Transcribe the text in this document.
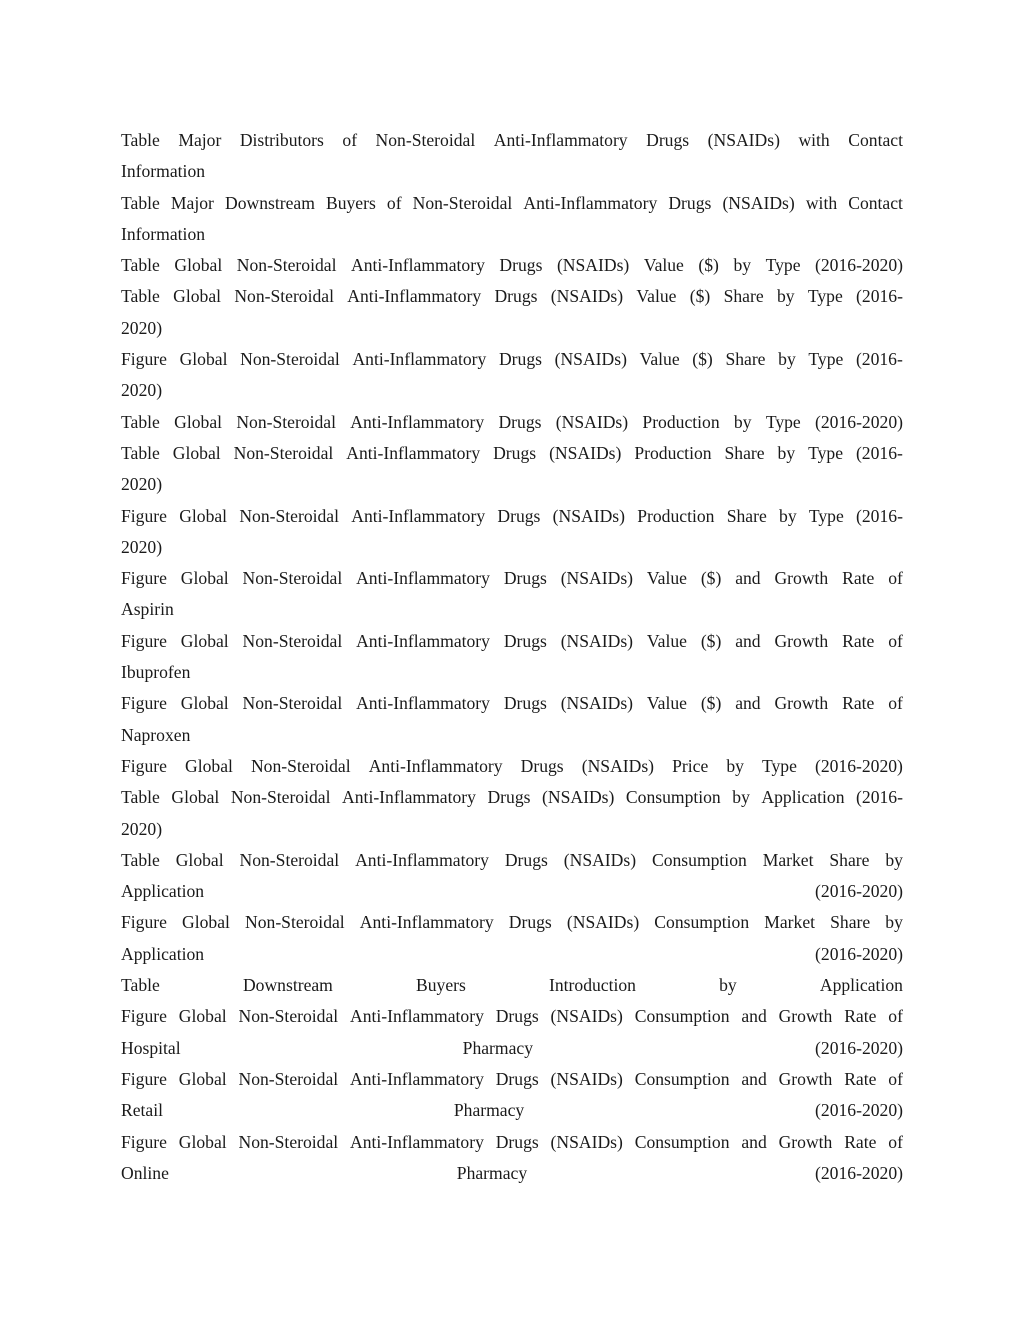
Table Major Distributors of Non-Steroidal Anti-Inflammatory Drugs (NSAIDs) with Contact
Information
Table Major Downstream Buyers of Non-Steroidal Anti-Inflammatory Drugs (NSAIDs) with Contact
Information
Table Global Non-Steroidal Anti-Inflammatory Drugs (NSAIDs) Value ($) by Type (2016-2020)
Table Global Non-Steroidal Anti-Inflammatory Drugs (NSAIDs) Value ($) Share by Type (2016-
2020)
Figure Global Non-Steroidal Anti-Inflammatory Drugs (NSAIDs) Value ($) Share by Type (2016-
2020)
Table Global Non-Steroidal Anti-Inflammatory Drugs (NSAIDs) Production by Type (2016-2020)
Table Global Non-Steroidal Anti-Inflammatory Drugs (NSAIDs) Production Share by Type (2016-
2020)
Figure Global Non-Steroidal Anti-Inflammatory Drugs (NSAIDs) Production Share by Type (2016-
2020)
Figure Global Non-Steroidal Anti-Inflammatory Drugs (NSAIDs) Value ($) and Growth Rate of
Aspirin
Figure Global Non-Steroidal Anti-Inflammatory Drugs (NSAIDs) Value ($) and Growth Rate of
Ibuprofen
Figure Global Non-Steroidal Anti-Inflammatory Drugs (NSAIDs) Value ($) and Growth Rate of
Naproxen
Figure Global Non-Steroidal Anti-Inflammatory Drugs (NSAIDs) Price by Type (2016-2020)
Table Global Non-Steroidal Anti-Inflammatory Drugs (NSAIDs) Consumption by Application (2016-
2020)
Table Global Non-Steroidal Anti-Inflammatory Drugs (NSAIDs) Consumption Market Share by
Application	(2016-2020)
Figure Global Non-Steroidal Anti-Inflammatory Drugs (NSAIDs) Consumption Market Share by
Application	(2016-2020)
Table	Downstream	Buyers	Introduction	by	Application
Figure Global Non-Steroidal Anti-Inflammatory Drugs (NSAIDs) Consumption and Growth Rate of
Hospital	Pharmacy	(2016-2020)
Figure Global Non-Steroidal Anti-Inflammatory Drugs (NSAIDs) Consumption and Growth Rate of
Retail	Pharmacy	(2016-2020)
Figure Global Non-Steroidal Anti-Inflammatory Drugs (NSAIDs) Consumption and Growth Rate of
Online	Pharmacy	(2016-2020)
